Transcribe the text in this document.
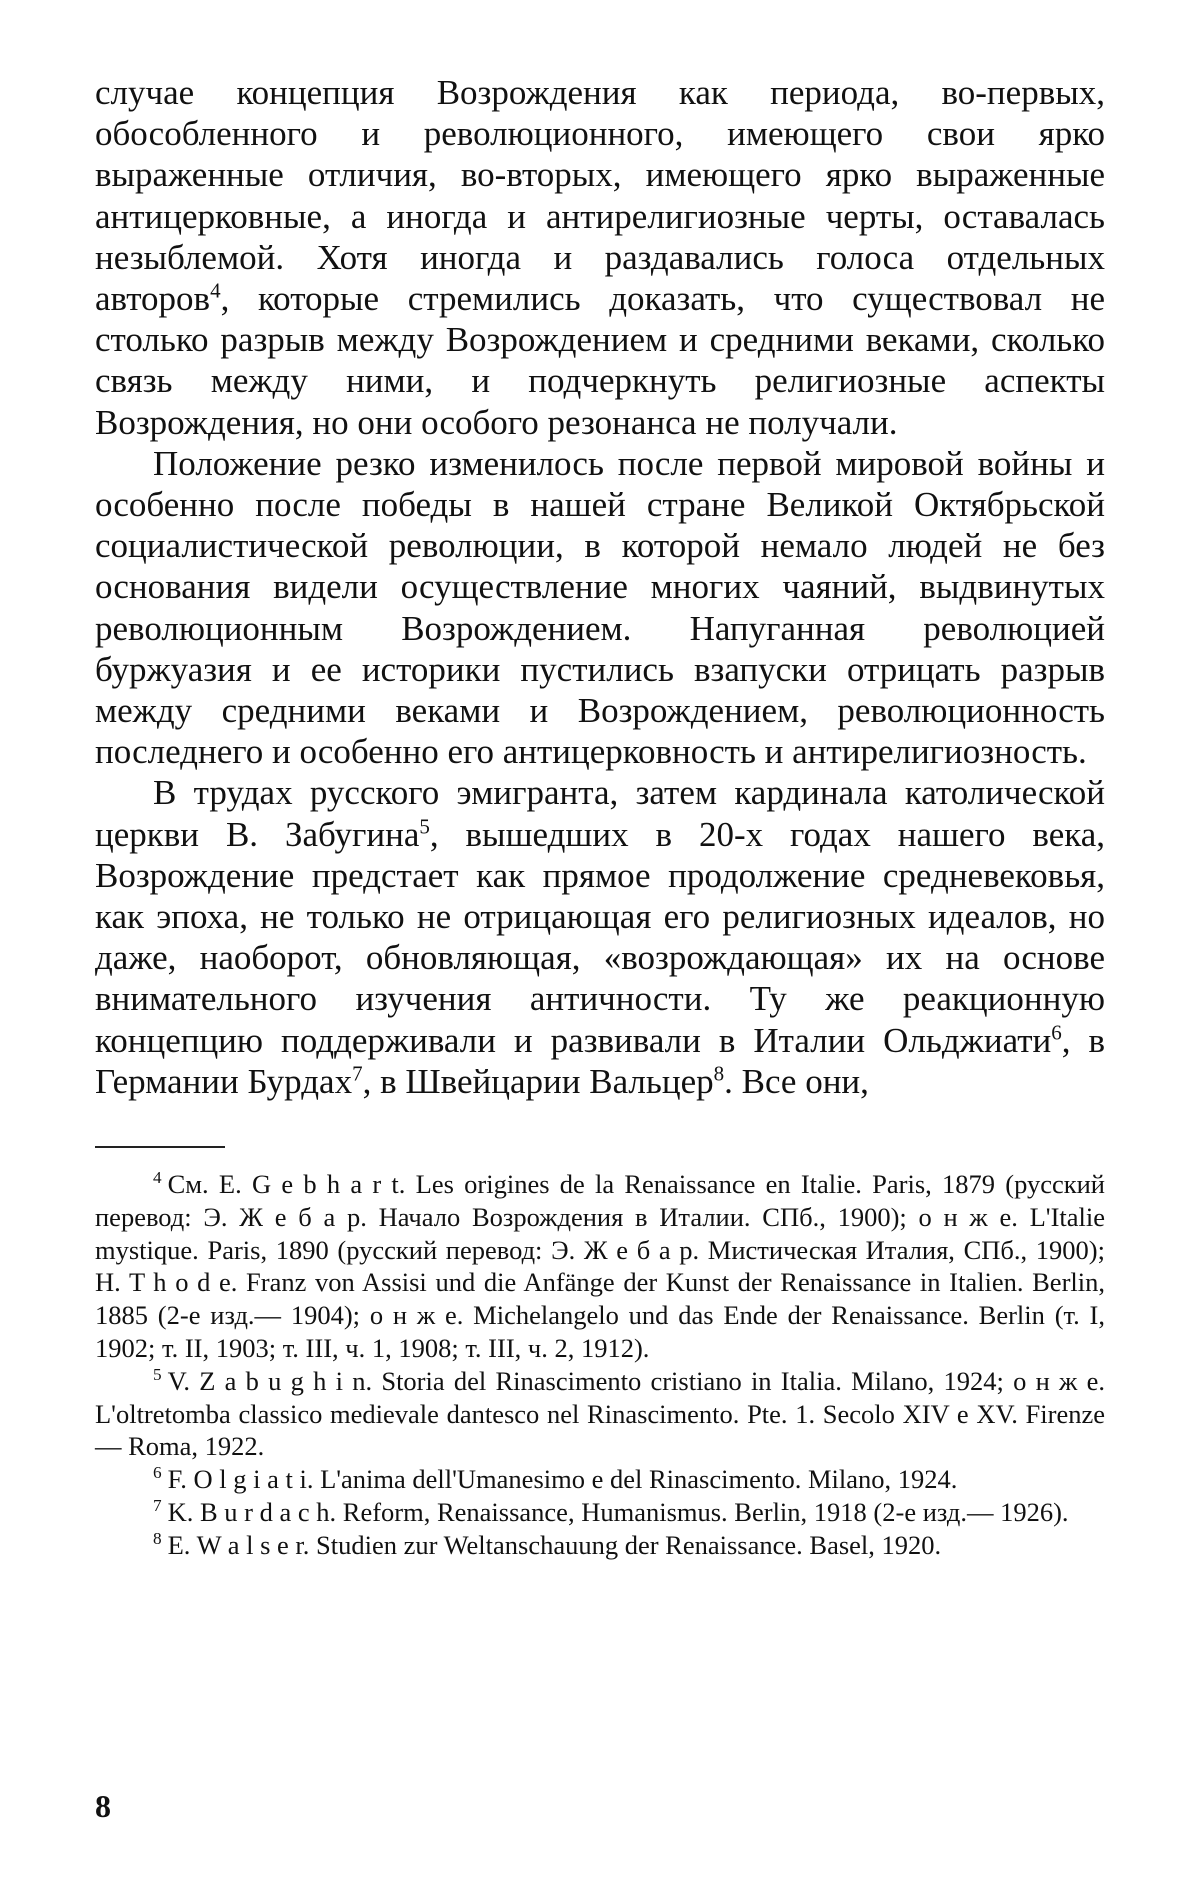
случае концепция Возрождения как периода, во-первых, обособленного и революционного, имеющего свои ярко выраженные отличия, во-вторых, имеющего ярко выраженные антицерковные, а иногда и антирелигиозные черты, оставалась незыблемой. Хотя иногда и раздавались голоса отдельных авторов$^4$, которые стремились доказать, что существовал не столько разрыв между Возрождением и средними веками, сколько связь между ними, и подчеркнуть религиозные аспекты Возрождения, но они особого резонанса не получали.

Положение резко изменилось после первой мировой войны и особенно после победы в нашей стране Великой Октябрьской социалистической революции, в которой немало людей не без основания видели осуществление многих чаяний, выдвинутых революционным Возрождением. Напуганная революцией буржуазия и ее историки пустились взапуски отрицать разрыв между средними веками и Возрождением, революционность последнего и особенно его антицерковность и антирелигиозность.

В трудах русского эмигранта, затем кардинала католической церкви В. Забугина$^5$, вышедших в 20-х годах нашего века, Возрождение предстает как прямое продолжение средневековья, как эпоха, не только не отрицающая его религиозных идеалов, но даже, наоборот, обновляющая, «возрождающая» их на основе внимательного изучения античности. Ту же реакционную концепцию поддерживали и развивали в Италии Ольджиати$^6$, в Германии Бурдах$^7$, в Швейцарии Вальцер$^8$. Все они,

$^4$ См. E. G e b h a r t. Les origines de la Renaissance en Italie. Paris, 1879 (русский перевод: Э. Ж е б а р. Начало Возрождения в Италии. СПб., 1900); о н ж е. L'Italie mystique. Paris, 1890 (русский перевод: Э. Ж е б а р. Мистическая Италия, СПб., 1900); H. T h o d e. Franz von Assisi und die Anfänge der Kunst der Renaissance in Italien. Berlin, 1885 (2-е изд.— 1904); о н ж е. Michelangelo und das Ende der Renaissance. Berlin (т. I, 1902; т. II, 1903; т. III, ч. 1, 1908; т. III, ч. 2, 1912).

$^5$ V. Z a b u g h i n. Storia del Rinascimento cristiano in Italia. Milano, 1924; о н ж е. L'oltretomba classico medievale dantesco nel Rinascimento. Pte. 1. Secolo XIV e XV. Firenze — Roma, 1922.

$^6$ F. O l g i a t i. L'anima dell'Umanesimo e del Rinascimento. Milano, 1924.

$^7$ K. B u r d a c h. Reform, Renaissance, Humanismus. Berlin, 1918 (2-е изд.— 1926).

$^8$ E. W a l s e r. Studien zur Weltanschauung der Renaissance. Basel, 1920.

8
